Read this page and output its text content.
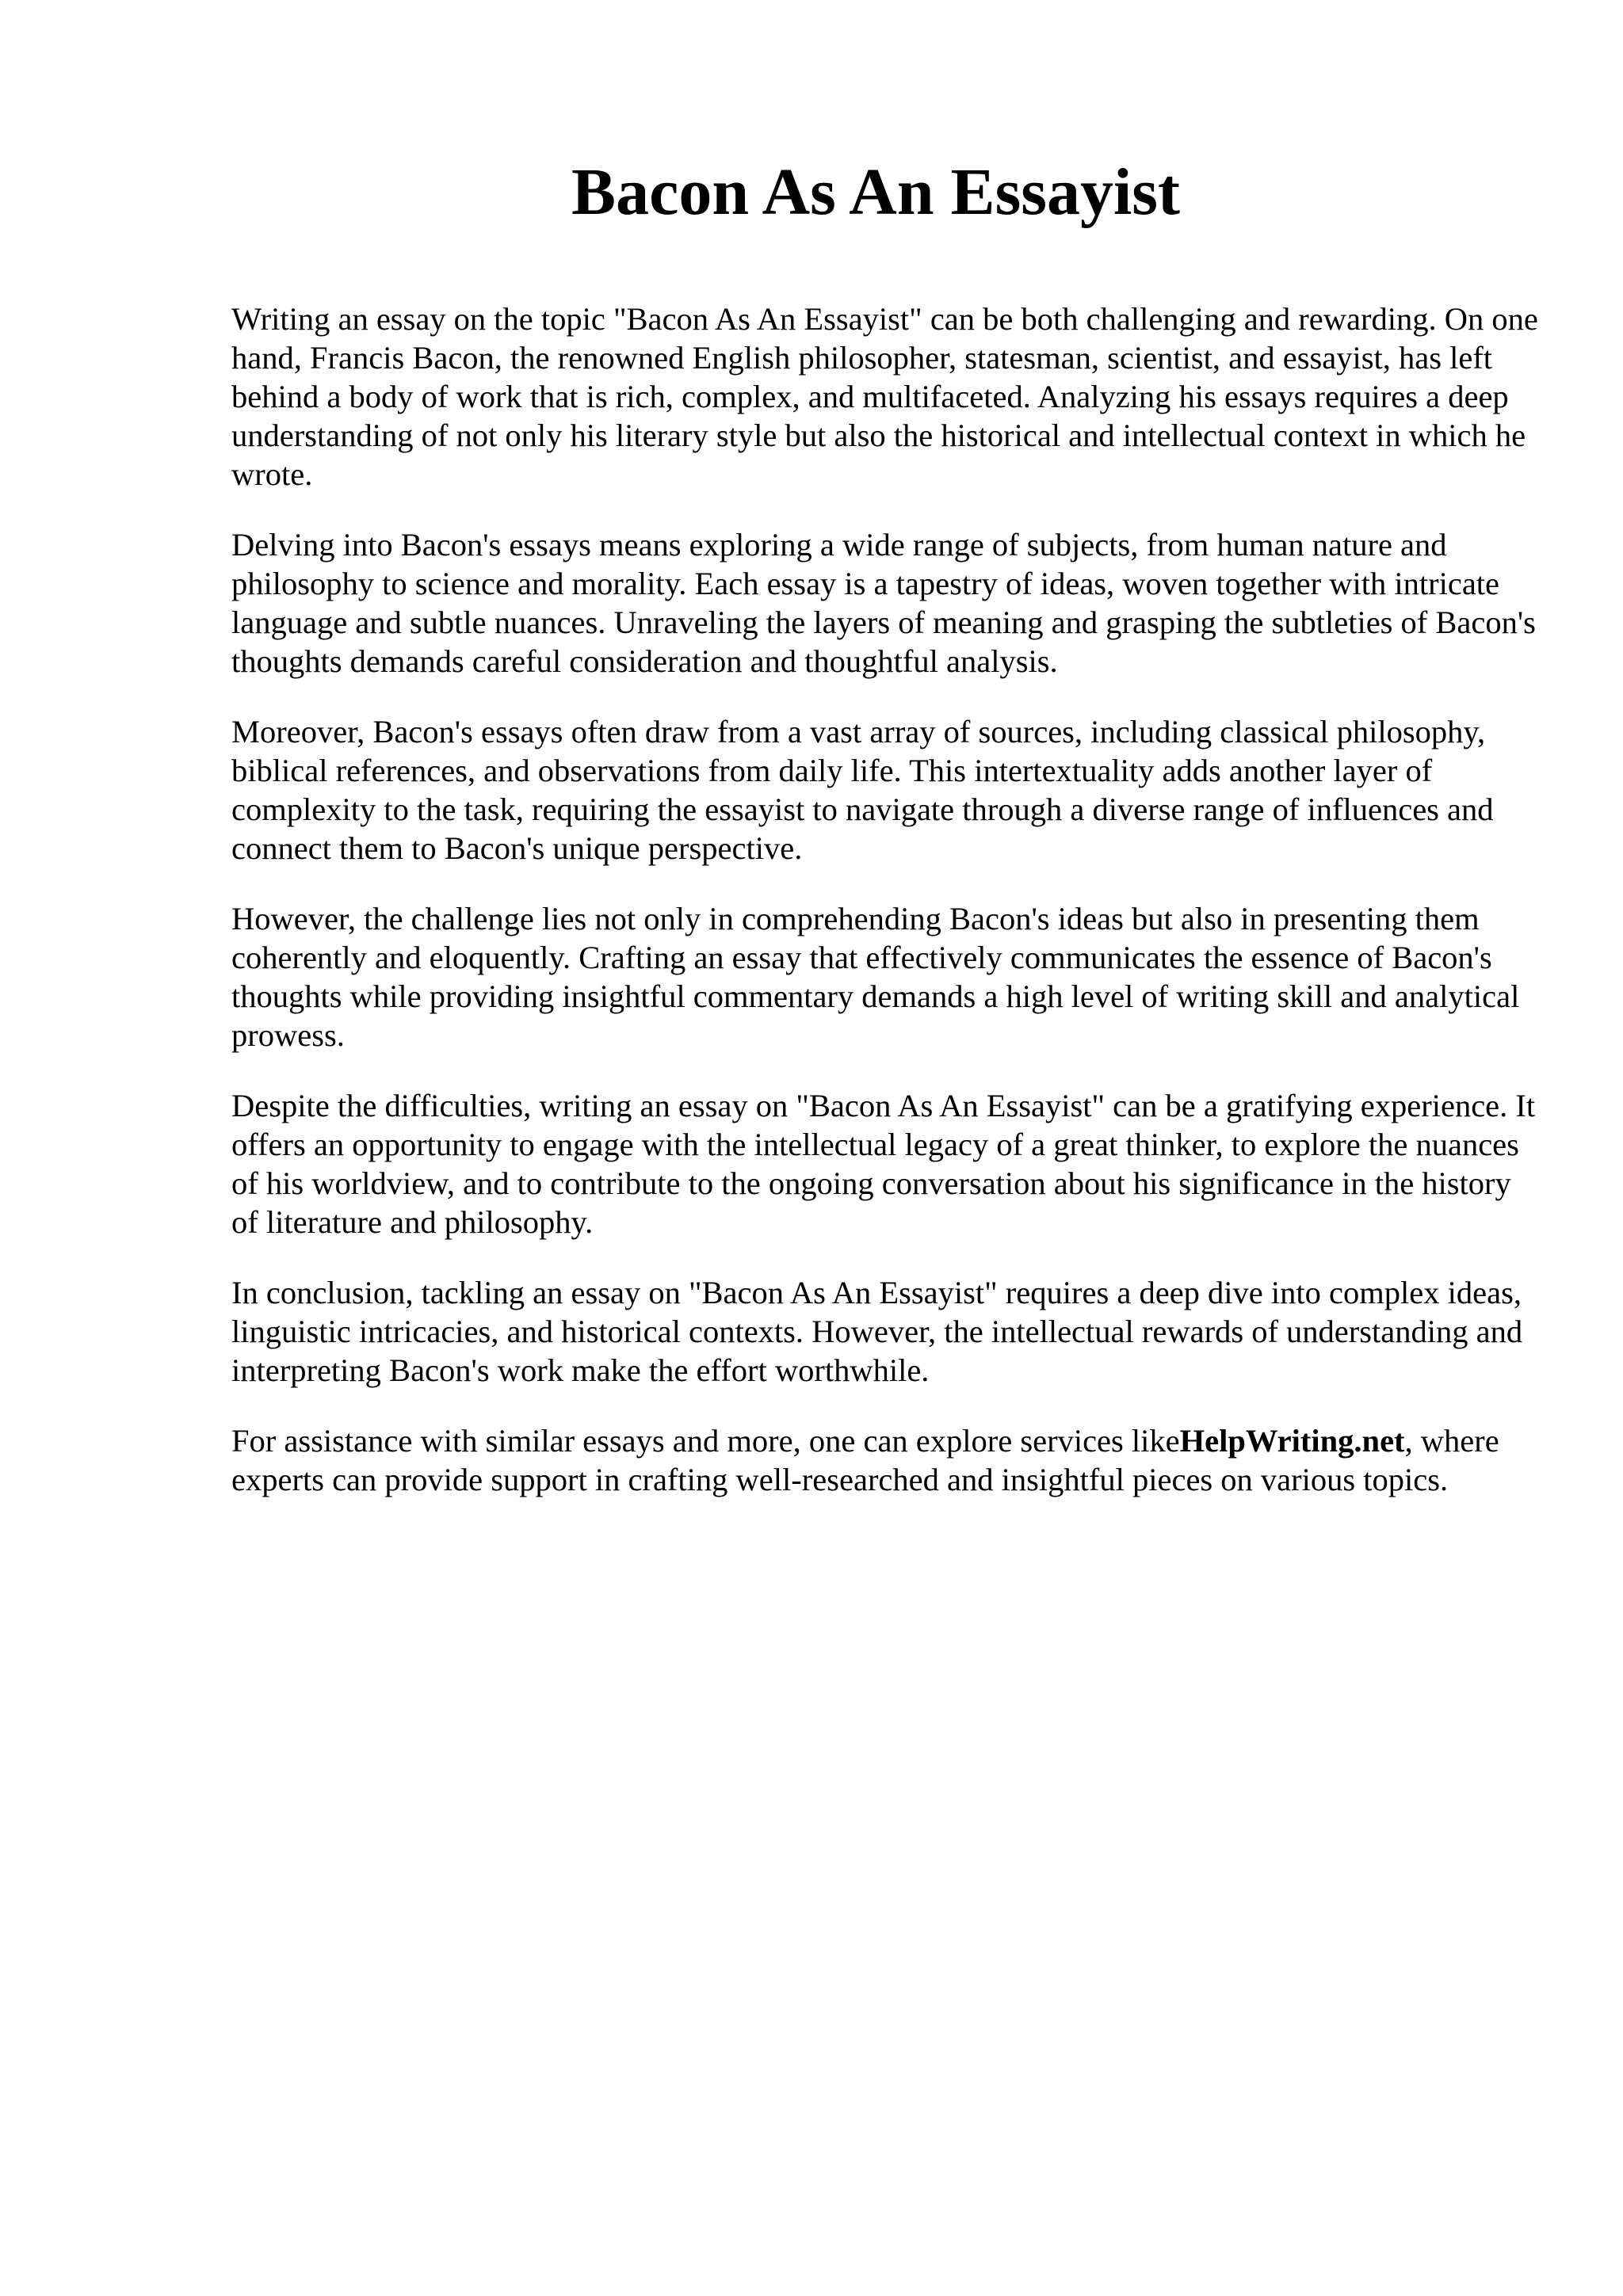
Bacon As An Essayist

Writing an essay on the topic "Bacon As An Essayist" can be both challenging and rewarding. On one hand, Francis Bacon, the renowned English philosopher, statesman, scientist, and essayist, has left behind a body of work that is rich, complex, and multifaceted. Analyzing his essays requires a deep understanding of not only his literary style but also the historical and intellectual context in which he wrote.

Delving into Bacon's essays means exploring a wide range of subjects, from human nature and philosophy to science and morality. Each essay is a tapestry of ideas, woven together with intricate language and subtle nuances. Unraveling the layers of meaning and grasping the subtleties of Bacon's thoughts demands careful consideration and thoughtful analysis.

Moreover, Bacon's essays often draw from a vast array of sources, including classical philosophy, biblical references, and observations from daily life. This intertextuality adds another layer of complexity to the task, requiring the essayist to navigate through a diverse range of influences and connect them to Bacon's unique perspective.

However, the challenge lies not only in comprehending Bacon's ideas but also in presenting them coherently and eloquently. Crafting an essay that effectively communicates the essence of Bacon's thoughts while providing insightful commentary demands a high level of writing skill and analytical prowess.

Despite the difficulties, writing an essay on "Bacon As An Essayist" can be a gratifying experience. It offers an opportunity to engage with the intellectual legacy of a great thinker, to explore the nuances of his worldview, and to contribute to the ongoing conversation about his significance in the history of literature and philosophy.

In conclusion, tackling an essay on "Bacon As An Essayist" requires a deep dive into complex ideas, linguistic intricacies, and historical contexts. However, the intellectual rewards of understanding and interpreting Bacon's work make the effort worthwhile.

For assistance with similar essays and more, one can explore services likeHelpWriting.net, where experts can provide support in crafting well-researched and insightful pieces on various topics.
